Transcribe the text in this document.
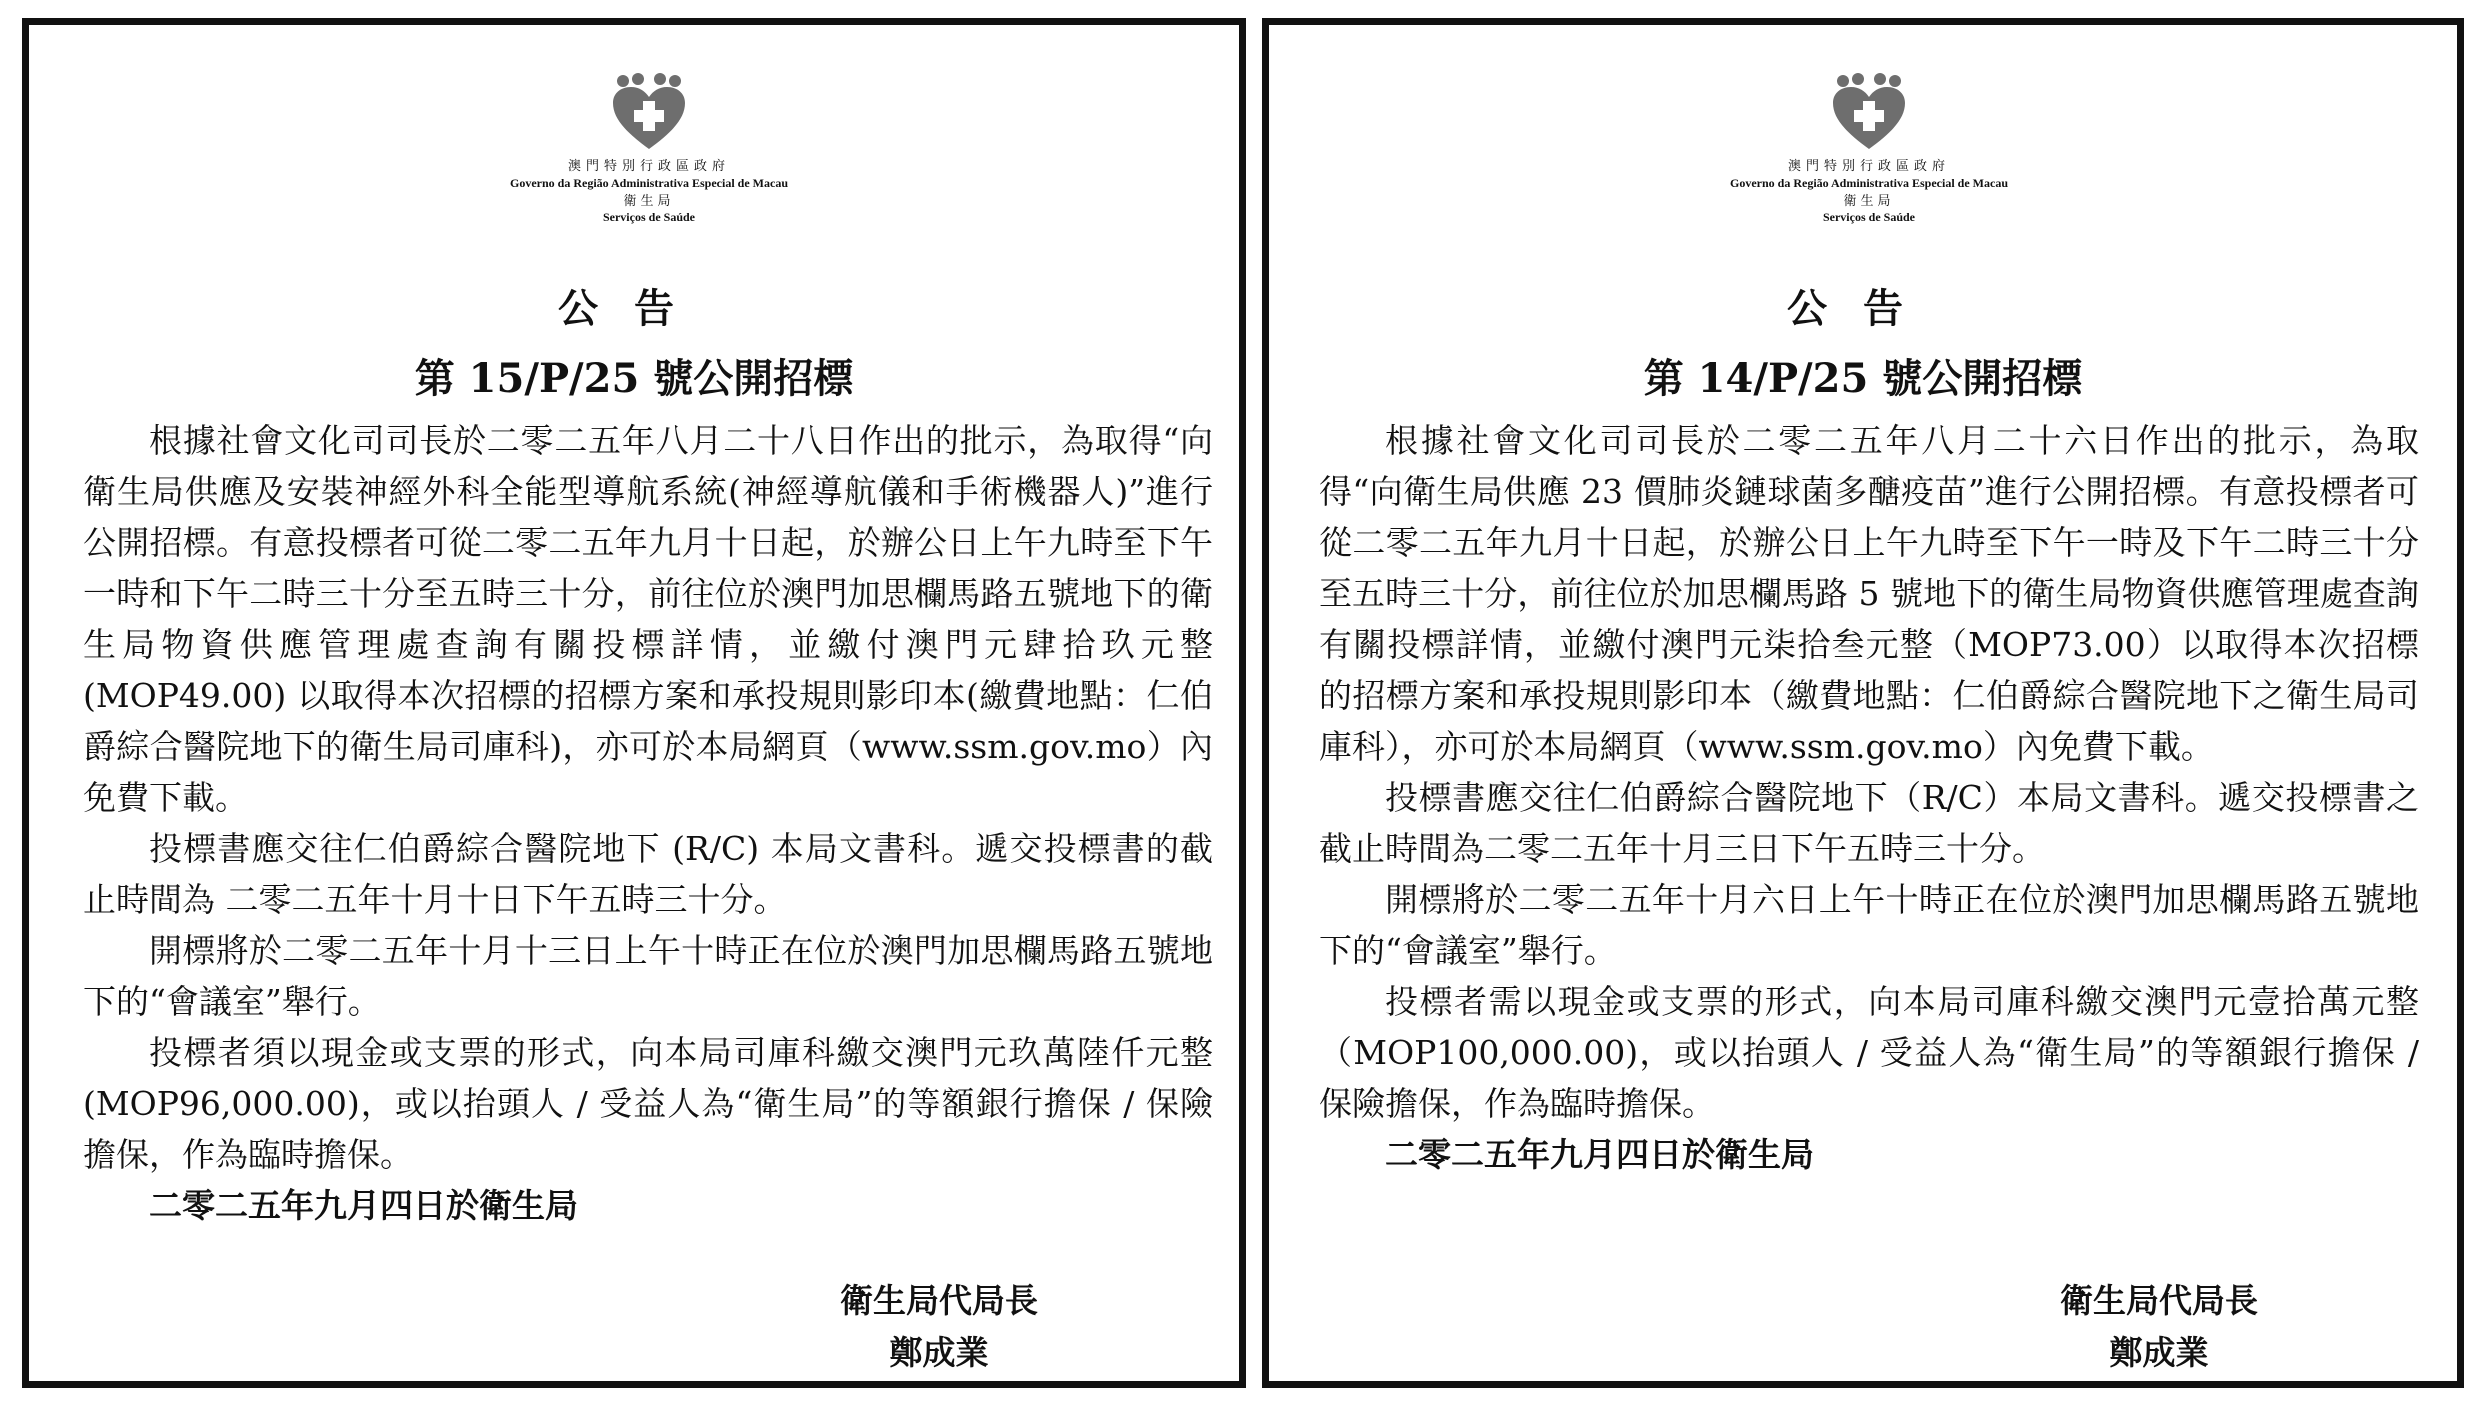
澳門特別行政區政府
Governo da Região Administrativa Especial de Macau
衛生局
Serviços de Saúde
公告
第 15/P/25 號公開招標

根據社會文化司司長於二零二五年八月二十八日作出的批示，為取得“向衛生局供應及安裝神經外科全能型導航系統(神經導航儀和手術機器人)”進行公開招標。有意投標者可從二零二五年九月十日起，於辦公日上午九時至下午一時和下午二時三十分至五時三十分，前往位於澳門加思欄馬路五號地下的衛生局物資供應管理處查詢有關投標詳情，並繳付澳門元肆拾玖元整 (MOP49.00) 以取得本次招標的招標方案和承投規則影印本(繳費地點：仁伯爵綜合醫院地下的衛生局司庫科)，亦可於本局網頁（www.ssm.gov.mo）內免費下載。

投標書應交往仁伯爵綜合醫院地下 (R/C) 本局文書科。遞交投標書的截止時間為 二零二五年十月十日下午五時三十分。

開標將於二零二五年十月十三日上午十時正在位於澳門加思欄馬路五號地下的“會議室”舉行。

投標者須以現金或支票的形式，向本局司庫科繳交澳門元玖萬陸仟元整 (MOP96,000.00)，或以抬頭人 / 受益人為“衛生局”的等額銀行擔保 / 保險擔保，作為臨時擔保。

二零二五年九月四日於衛生局

衛生局代局長
鄭成業
澳門特別行政區政府
Governo da Região Administrativa Especial de Macau
衛生局
Serviços de Saúde
公告
第 14/P/25 號公開招標

根據社會文化司司長於二零二五年八月二十六日作出的批示，為取得“向衛生局供應 23 價肺炎鏈球菌多醣疫苗”進行公開招標。有意投標者可從二零二五年九月十日起，於辦公日上午九時至下午一時及下午二時三十分至五時三十分，前往位於加思欄馬路 5 號地下的衛生局物資供應管理處查詢有關投標詳情，並繳付澳門元柒拾叁元整（MOP73.00）以取得本次招標的招標方案和承投規則影印本（繳費地點：仁伯爵綜合醫院地下之衛生局司庫科），亦可於本局網頁（www.ssm.gov.mo）內免費下載。

投標書應交往仁伯爵綜合醫院地下（R/C）本局文書科。遞交投標書之截止時間為二零二五年十月三日下午五時三十分。

開標將於二零二五年十月六日上午十時正在位於澳門加思欄馬路五號地下的“會議室”舉行。

投標者需以現金或支票的形式，向本局司庫科繳交澳門元壹拾萬元整（MOP100,000.00)，或以抬頭人 / 受益人為“衛生局”的等額銀行擔保 / 保險擔保，作為臨時擔保。

二零二五年九月四日於衛生局

衛生局代局長
鄭成業
